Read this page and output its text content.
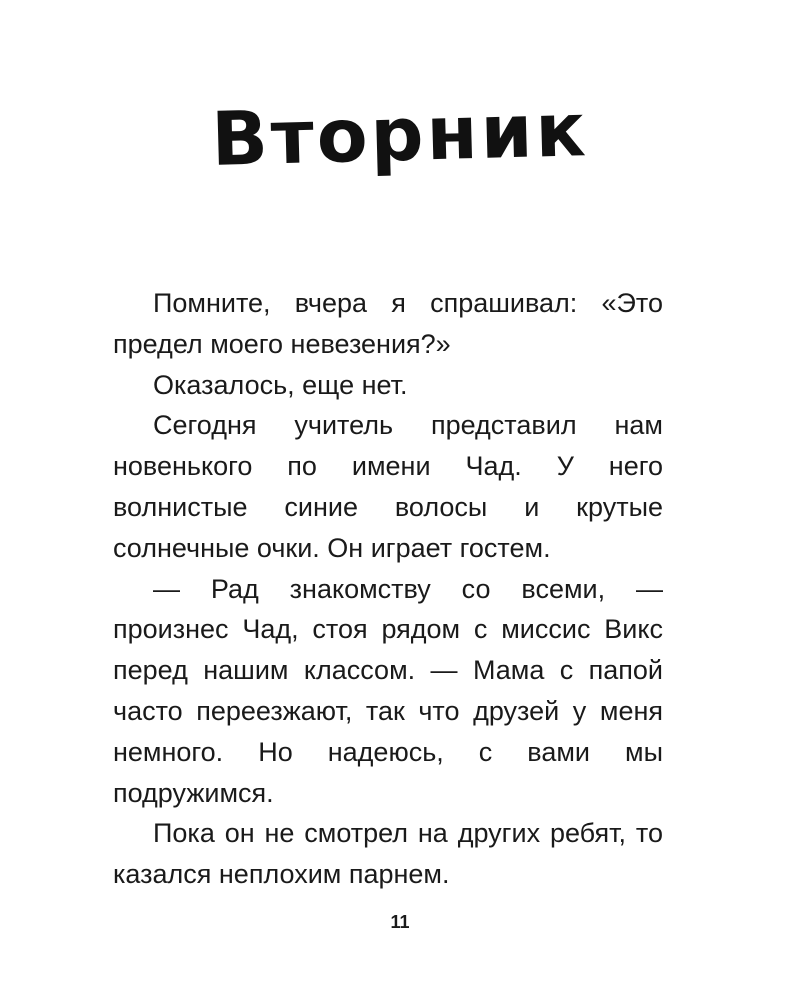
Вторник

Помните, вчера я спрашивал: «Это предел моего невезения?»

Оказалось, еще нет.

Сегодня учитель представил нам новенького по имени Чад. У него волнистые синие волосы и крутые солнечные очки. Он играет гостем.

— Рад знакомству со всеми, — произнес Чад, стоя рядом с миссис Викс перед нашим классом. — Мама с папой часто переезжают, так что друзей у меня немного. Но надеюсь, с вами мы подружимся.

Пока он не смотрел на других ребят, то казался неплохим парнем.

11
